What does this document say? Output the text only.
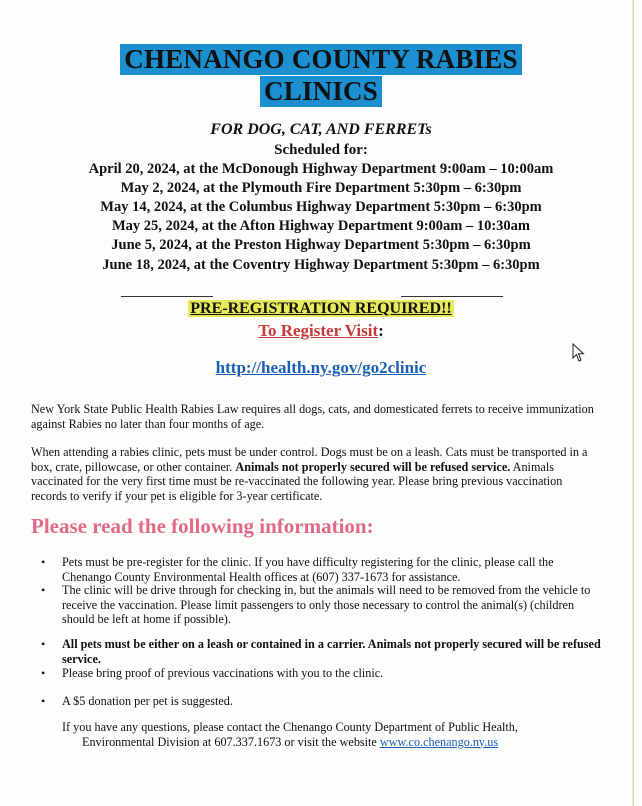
CHENANGO COUNTY RABIES
CLINICS
FOR DOG, CAT, AND FERRETs
Scheduled for:
April 20, 2024, at the McDonough Highway Department 9:00am – 10:00am
May 2, 2024, at the Plymouth Fire Department 5:30pm – 6:30pm
May 14, 2024, at the Columbus Highway Department 5:30pm – 6:30pm
May 25, 2024, at the Afton Highway Department 9:00am – 10:30am
June 5, 2024, at the Preston Highway Department 5:30pm – 6:30pm
June 18, 2024, at the Coventry Highway Department 5:30pm – 6:30pm
PRE-REGISTRATION REQUIRED!!
To Register Visit:
http://health.ny.gov/go2clinic
New York State Public Health Rabies Law requires all dogs, cats, and domesticated ferrets to receive immunization against Rabies no later than four months of age.
When attending a rabies clinic, pets must be under control. Dogs must be on a leash. Cats must be transported in a box, crate, pillowcase, or other container. Animals not properly secured will be refused service. Animals vaccinated for the very first time must be re-vaccinated the following year. Please bring previous vaccination records to verify if your pet is eligible for 3-year certificate.
Please read the following information:
• Pets must be pre-register for the clinic. If you have difficulty registering for the clinic, please call the Chenango County Environmental Health offices at (607) 337-1673 for assistance.
• The clinic will be drive through for checking in, but the animals will need to be removed from the vehicle to receive the vaccination. Please limit passengers to only those necessary to control the animal(s) (children should be left at home if possible).
• All pets must be either on a leash or contained in a carrier. Animals not properly secured will be refused service.
• Please bring proof of previous vaccinations with you to the clinic.
• A $5 donation per pet is suggested.
If you have any questions, please contact the Chenango County Department of Public Health,
Environmental Division at 607.337.1673 or visit the website www.co.chenango.ny.us
